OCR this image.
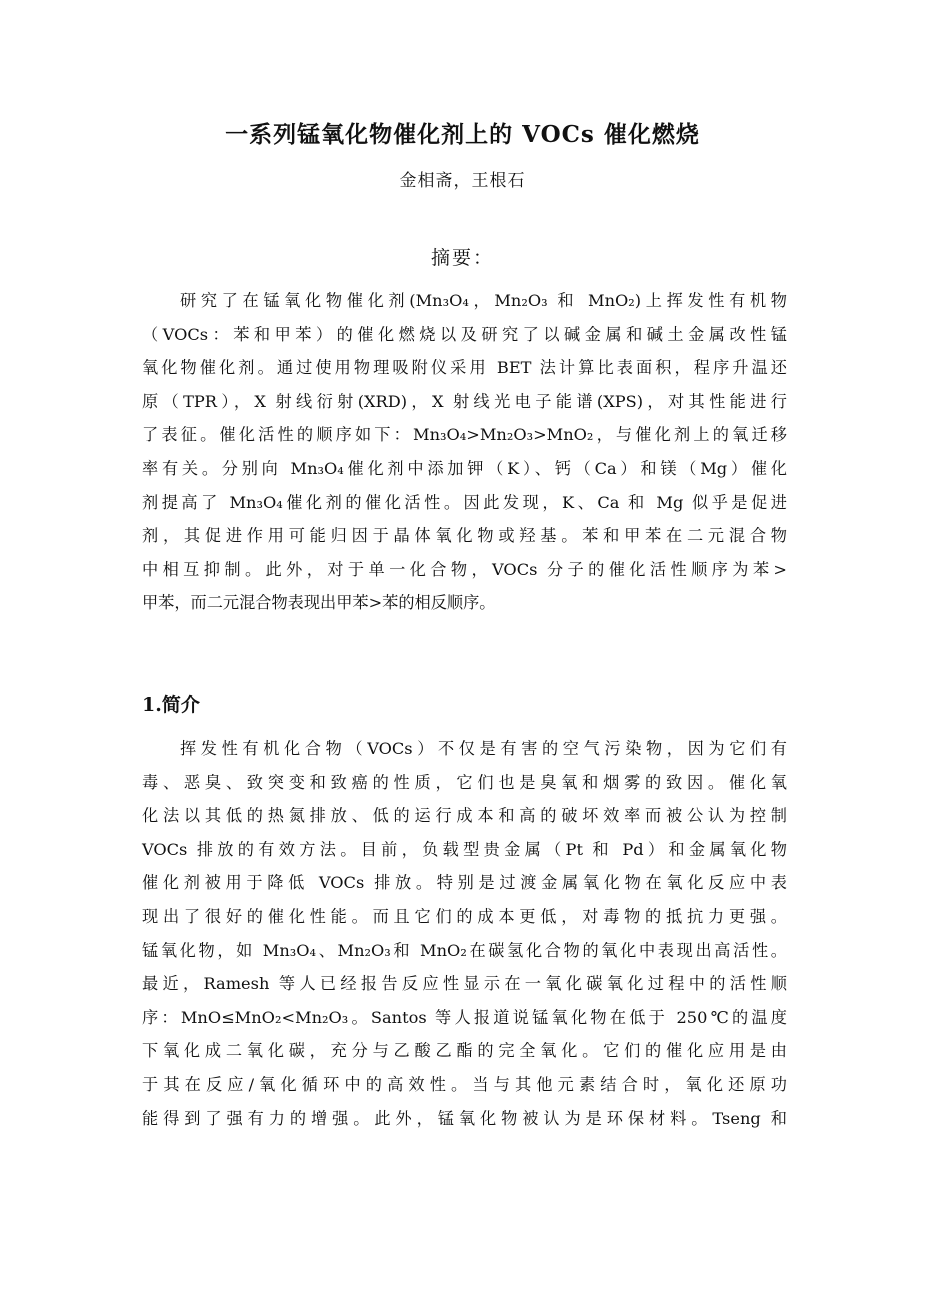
一系列锰氧化物催化剂上的 VOCs 催化燃烧
金相斋，王根石
摘要：
研究了在锰氧化物催化剂(Mn₃O₄，Mn₂O₃ 和 MnO₂)上挥发性有机物
（VOCs：苯和甲苯）的催化燃烧以及研究了以碱金属和碱土金属改性锰
氧化物催化剂。通过使用物理吸附仪采用 BET 法计算比表面积，程序升温还
原（TPR），X 射线衍射(XRD)，X 射线光电子能谱(XPS)，对其性能进行
了表征。催化活性的顺序如下：Mn₃O₄>Mn₂O₃>MnO₂，与催化剂上的氧迁移
率有关。分别向 Mn₃O₄催化剂中添加钾（K）、钙（Ca）和镁（Mg）催化
剂提高了 Mn₃O₄催化剂的催化活性。因此发现，K、Ca 和 Mg 似乎是促进
剂，其促进作用可能归因于晶体氧化物或羟基。苯和甲苯在二元混合物
中相互抑制。此外，对于单一化合物，VOCs 分子的催化活性顺序为苯>
甲苯，而二元混合物表现出甲苯>苯的相反顺序。
1.简介
挥发性有机化合物（VOCs）不仅是有害的空气污染物，因为它们有
毒、恶臭、致突变和致癌的性质，它们也是臭氧和烟雾的致因。催化氧
化法以其低的热氮排放、低的运行成本和高的破坏效率而被公认为控制
VOCs 排放的有效方法。目前，负载型贵金属（Pt 和 Pd）和金属氧化物
催化剂被用于降低 VOCs 排放。特别是过渡金属氧化物在氧化反应中表
现出了很好的催化性能。而且它们的成本更低，对毒物的抵抗力更强。
锰氧化物，如 Mn₃O₄、Mn₂O₃和 MnO₂在碳氢化合物的氧化中表现出高活性。
最近，Ramesh 等人已经报告反应性显示在一氧化碳氧化过程中的活性顺
序：MnO≤MnO₂<Mn₂O₃。Santos 等人报道说锰氧化物在低于 250℃的温度
下氧化成二氧化碳，充分与乙酸乙酯的完全氧化。它们的催化应用是由
于其在反应/氧化循环中的高效性。当与其他元素结合时，氧化还原功
能得到了强有力的增强。此外，锰氧化物被认为是环保材料。Tseng 和
